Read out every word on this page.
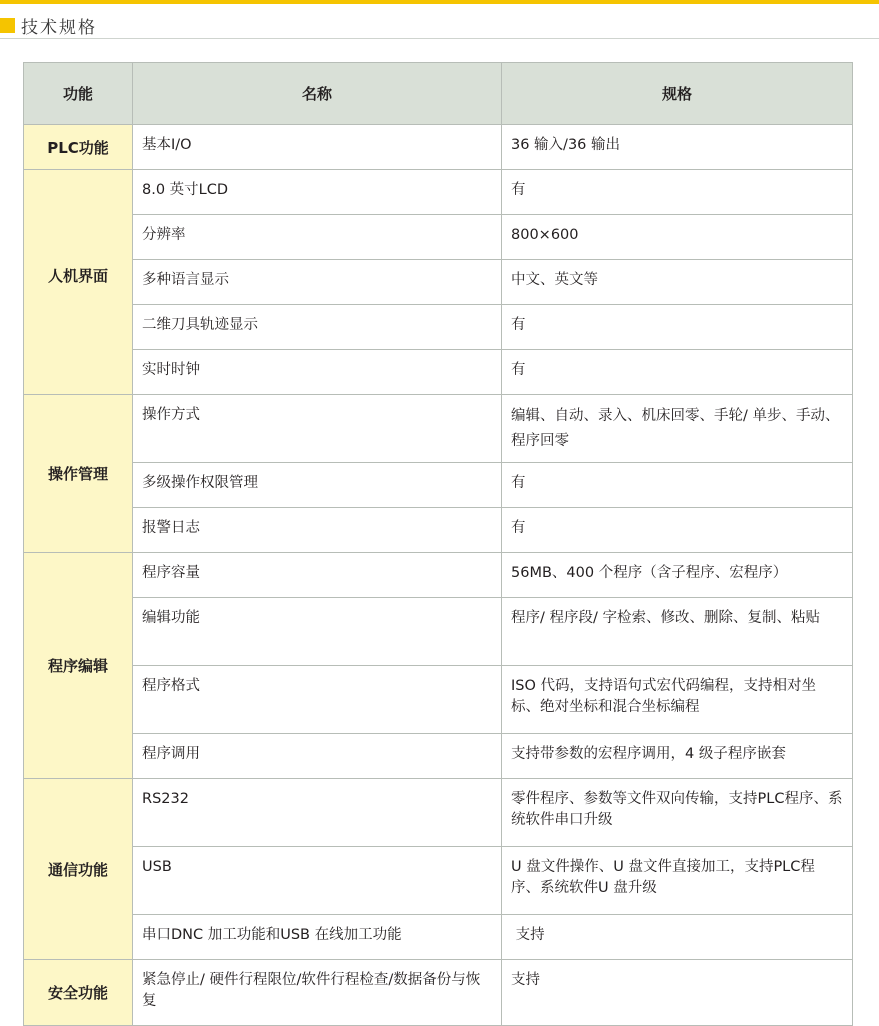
技术规格
功能	名称	规格
PLC功能	基本I/O	36 输入/36 输出
人机界面	8.0 英寸LCD	有
	分辨率	800×600
	多种语言显示	中文、英文等
	二维刀具轨迹显示	有
	实时时钟	有
操作管理	操作方式	编辑、自动、录入、机床回零、手轮/ 单步、手动、程序回零
	多级操作权限管理	有
	报警日志	有
程序编辑	程序容量	56MB、400 个程序（含子程序、宏程序）
	编辑功能	程序/ 程序段/ 字检索、修改、删除、复制、粘贴
	程序格式	ISO 代码，支持语句式宏代码编程，支持相对坐标、绝对坐标和混合坐标编程
	程序调用	支持带参数的宏程序调用，4 级子程序嵌套
通信功能	RS232	零件程序、参数等文件双向传输，支持PLC程序、系统软件串口升级
	USB	U 盘文件操作、U 盘文件直接加工，支持PLC程序、系统软件U 盘升级
	串口DNC 加工功能和USB 在线加工功能	支持
安全功能	紧急停止/ 硬件行程限位/软件行程检查/数据备份与恢复	支持
